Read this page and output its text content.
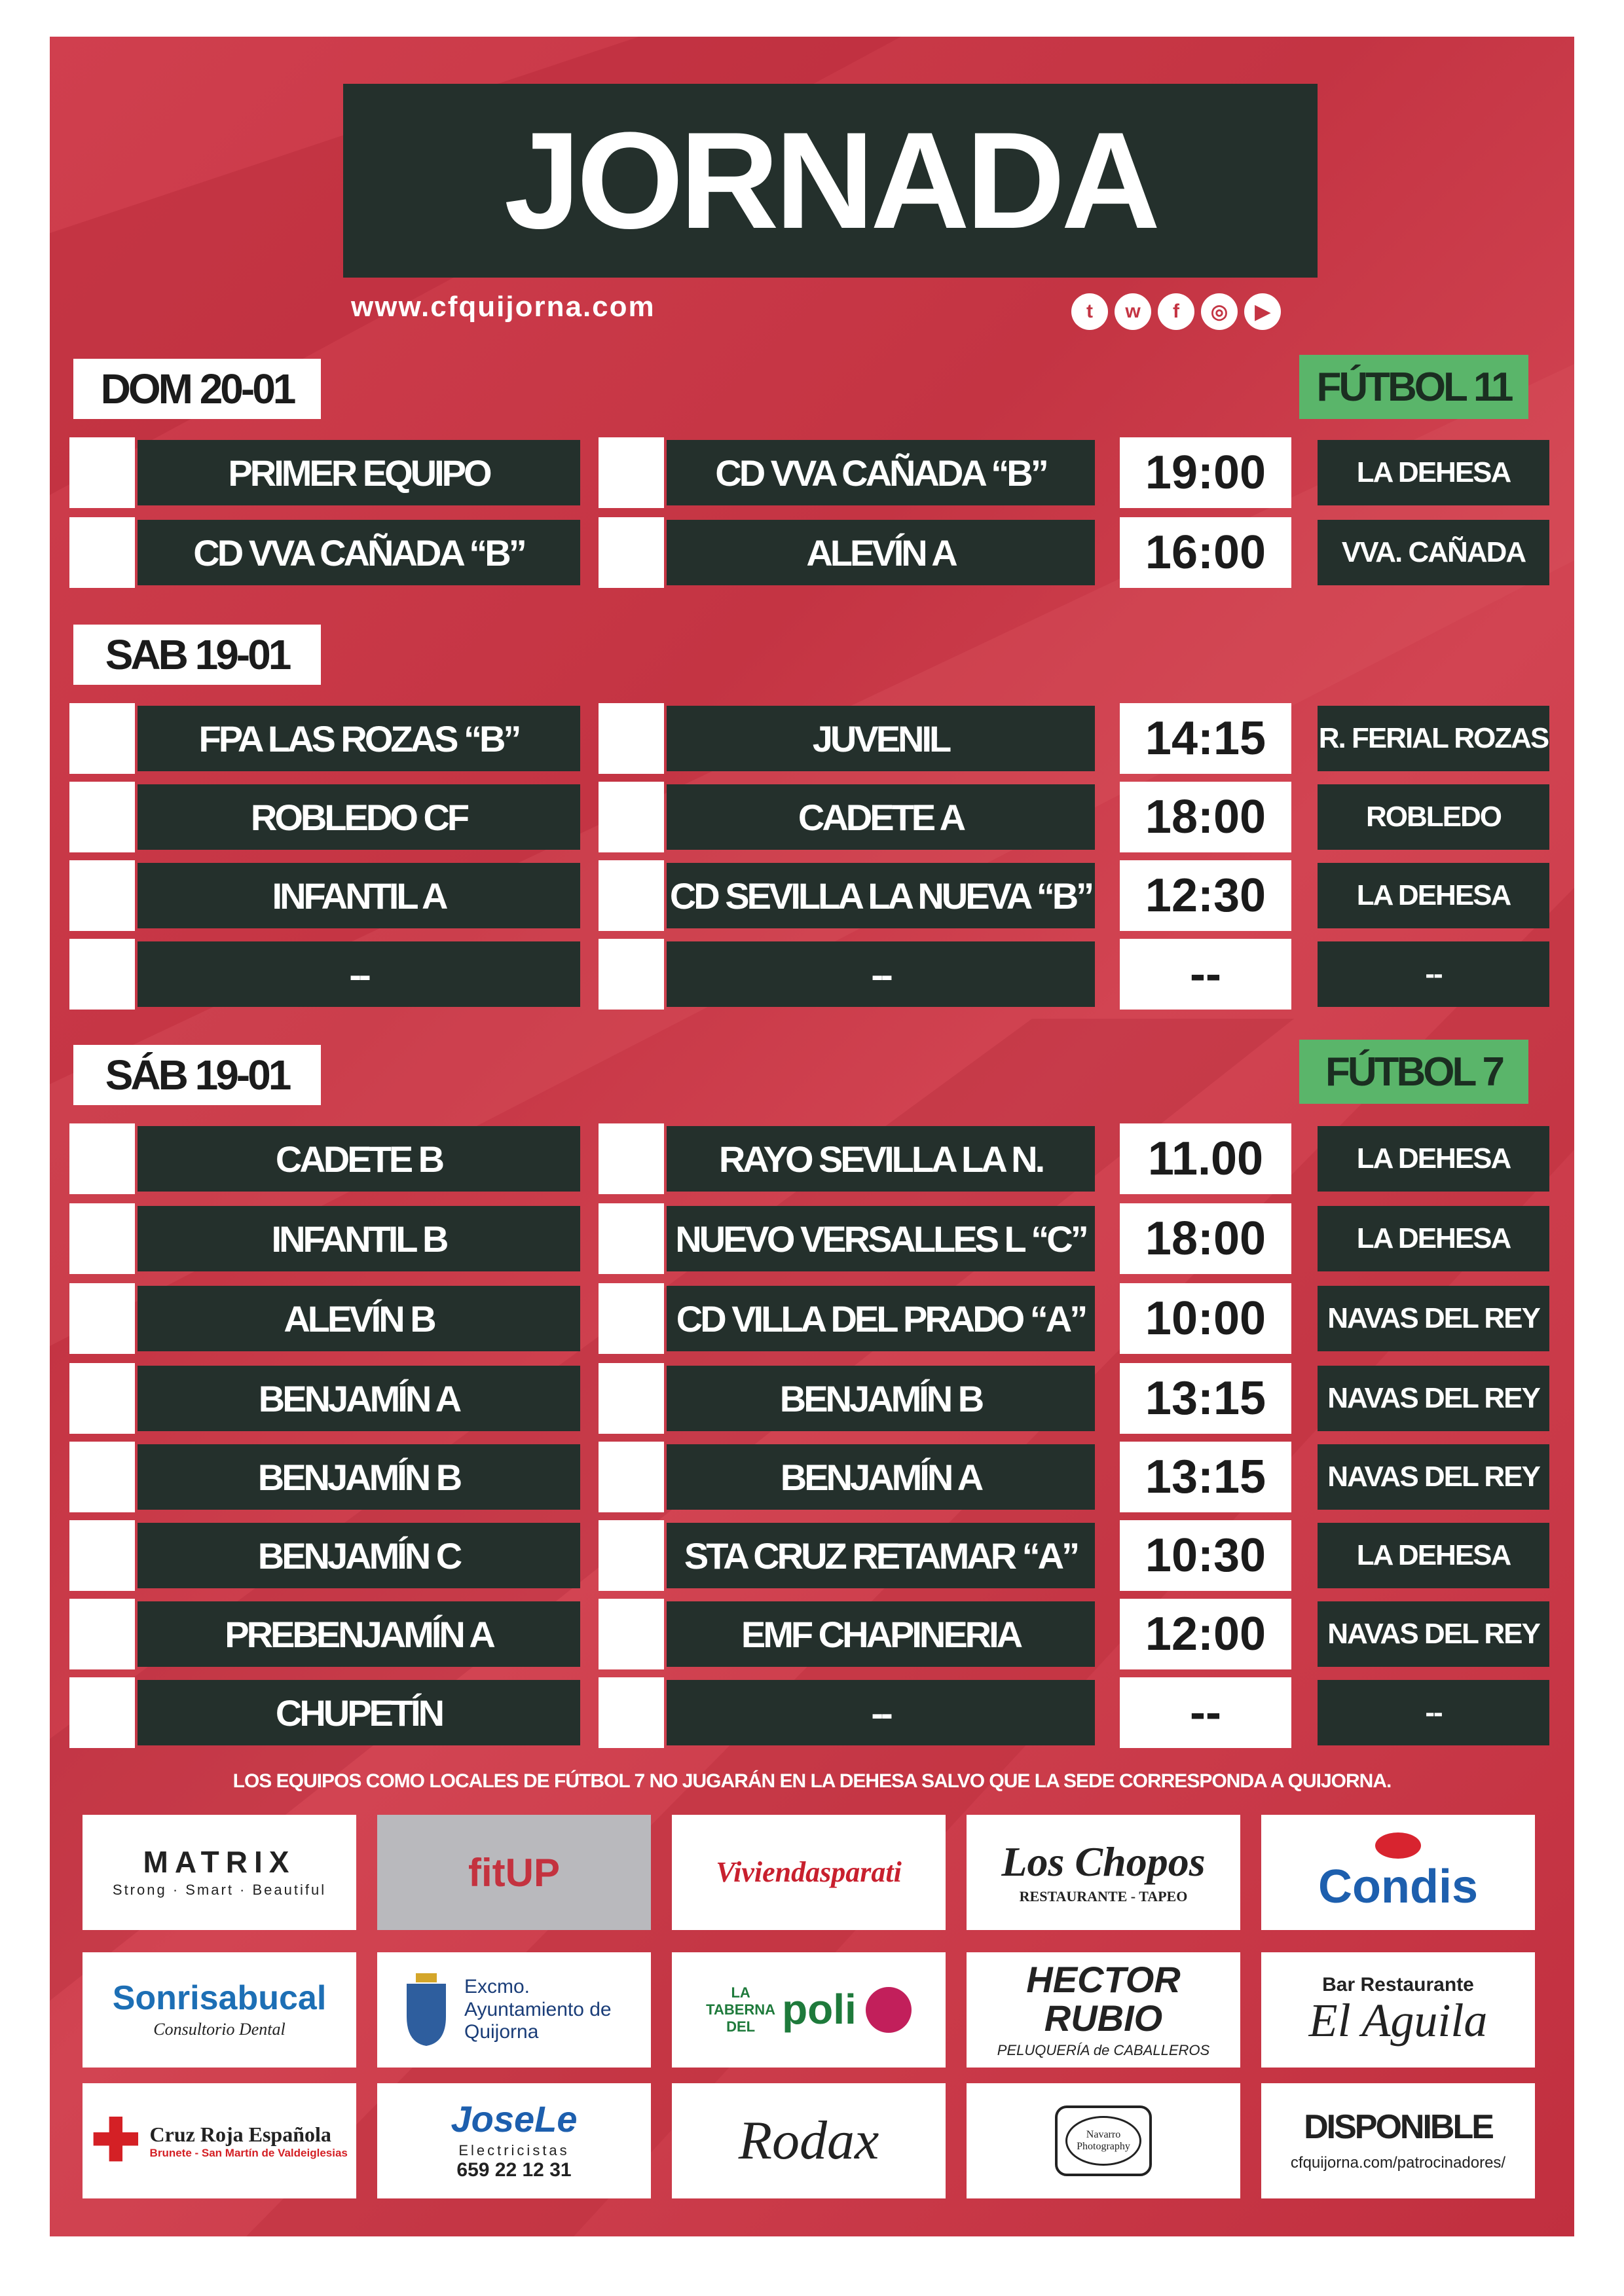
JORNADA
www.cfquijorna.com	t	w	f	◎	▶
DOM 20-01	FÚTBOL 11
PRIMER EQUIPO	CD VVA CAÑADA “B”	19:00	LA DEHESA
CD VVA CAÑADA “B”	ALEVÍN A	16:00	VVA. CAÑADA
SAB 19-01
FPA LAS ROZAS “B”	JUVENIL	14:15	R. FERIAL ROZAS
ROBLEDO CF	CADETE A	18:00	ROBLEDO
INFANTIL A	CD SEVILLA LA NUEVA “B”	12:30	LA DEHESA
--	--	--	--
SÁB 19-01	FÚTBOL 7
CADETE B	RAYO SEVILLA LA N.	11.00	LA DEHESA
INFANTIL B	NUEVO VERSALLES L “C”	18:00	LA DEHESA
ALEVÍN B	CD VILLA DEL PRADO “A”	10:00	NAVAS DEL REY
BENJAMÍN A	BENJAMÍN B	13:15	NAVAS DEL REY
BENJAMÍN B	BENJAMÍN A	13:15	NAVAS DEL REY
BENJAMÍN C	STA CRUZ RETAMAR “A”	10:30	LA DEHESA
PREBENJAMÍN A	EMF CHAPINERIA	12:00	NAVAS DEL REY
CHUPETÍN	--	--	--
LOS EQUIPOS COMO LOCALES DE FÚTBOL 7 NO JUGARÁN EN LA DEHESA SALVO QUE LA SEDE CORRESPONDA A QUIJORNA.
MATRIX
Strong · Smart · Beautiful	fitUP	Viviendasparati Los Chopos
RESTAURANTE - TAPEO	Condis
Sonrisabucal
Consultorio Dental
Excmo. Ayuntamiento de Quijorna
LA
TABERNA
DEL poli
HECTOR RUBIO
PELUQUERÍA de CABALLEROS
Bar Restaurante
El Aguila
✚ Cruz Roja Española
Brunete - San Martín de Valdeiglesias
JoseLe
Electricistas
659 22 12 31	Rodax	Navarro Photography
DISPONIBLE
cfquijorna.com/patrocinadores/
